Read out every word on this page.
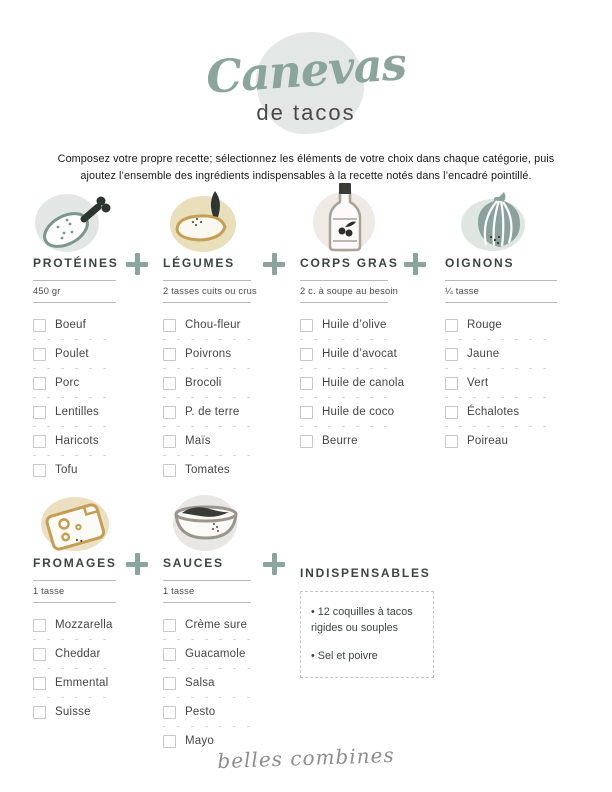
Canevas
de tacos

Composez votre propre recette; sélectionnez les éléments de votre choix dans chaque catégorie, puis ajoutez l’ensemble des ingrédients indispensables à la recette notés dans l’encadré pointillé.

PROTÉINES
450 gr
Boeuf
Poulet
Porc
Lentilles
Haricots
Tofu
LÉGUMES
2 tasses cuits ou crus
Chou-fleur
Poivrons
Brocoli
P. de terre
Maïs
Tomates
CORPS GRAS
2 c. à soupe au besoin
Huile d’olive
Huile d’avocat
Huile de canola
Huile de coco
Beurre
OIGNONS
¼ tasse
Rouge
Jaune
Vert
Échalotes
Poireau
FROMAGES
1 tasse
Mozzarella
Cheddar
Emmental
Suisse
SAUCES
1 tasse
Crème sure
Guacamole
Salsa
Pesto
Mayo
INDISPENSABLES
• 12 coquilles à tacos rigides ou souples
• Sel et poivre
belles combines
